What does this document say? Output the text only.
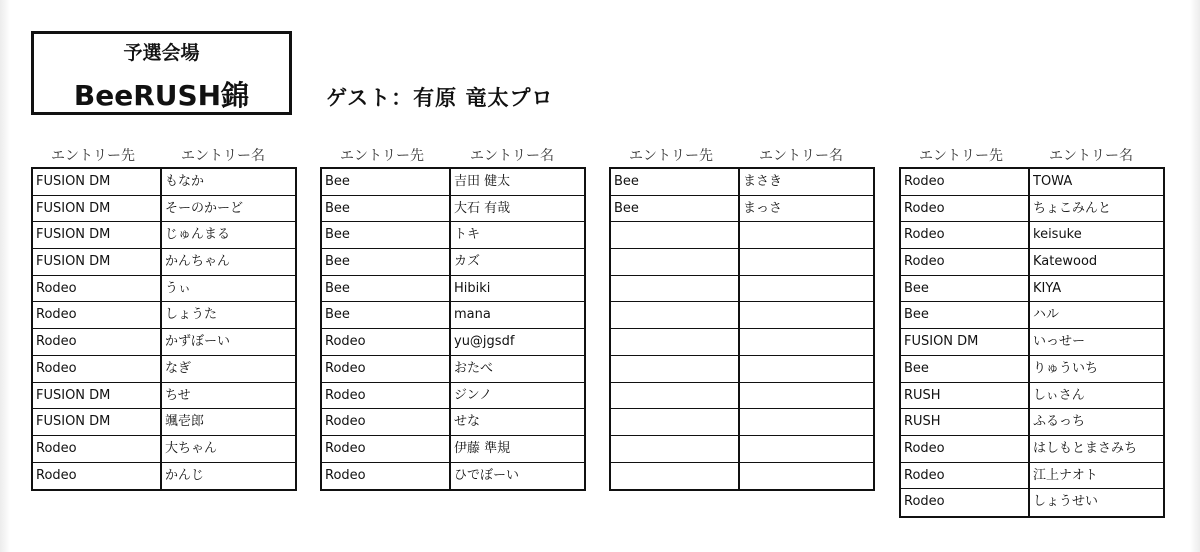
予選会場
BeeRUSH錦	ゲスト：有原 竜太プロ
エントリー先	エントリー名
FUSION DM	もなか
FUSION DM	そーのかーど
FUSION DM	じゅんまる
FUSION DM	かんちゃん
Rodeo	うぃ
Rodeo	しょうた
Rodeo	かずぼーい
Rodeo	なぎ
FUSION DM	ちせ
FUSION DM	颯壱郎
Rodeo	大ちゃん
Rodeo	かんじ
エントリー先	エントリー名
Bee	吉田 健太
Bee	大石 有哉
Bee	トキ
Bee	カズ
Bee	Hibiki
Bee	mana
Rodeo	yu@jgsdf
Rodeo	おたべ
Rodeo	ジンノ
Rodeo	せな
Rodeo	伊藤 準規
Rodeo	ひでぼーい
エントリー先	エントリー名
Bee	まさき
Bee	まっさ
エントリー先	エントリー名
Rodeo	TOWA
Rodeo	ちょこみんと
Rodeo	keisuke
Rodeo	Katewood
Bee	KIYA
Bee	ハル
FUSION DM	いっせー
Bee	りゅういち
RUSH	しぃさん
RUSH	ふるっち
Rodeo	はしもとまさみち
Rodeo	江上ナオト
Rodeo	しょうせい
